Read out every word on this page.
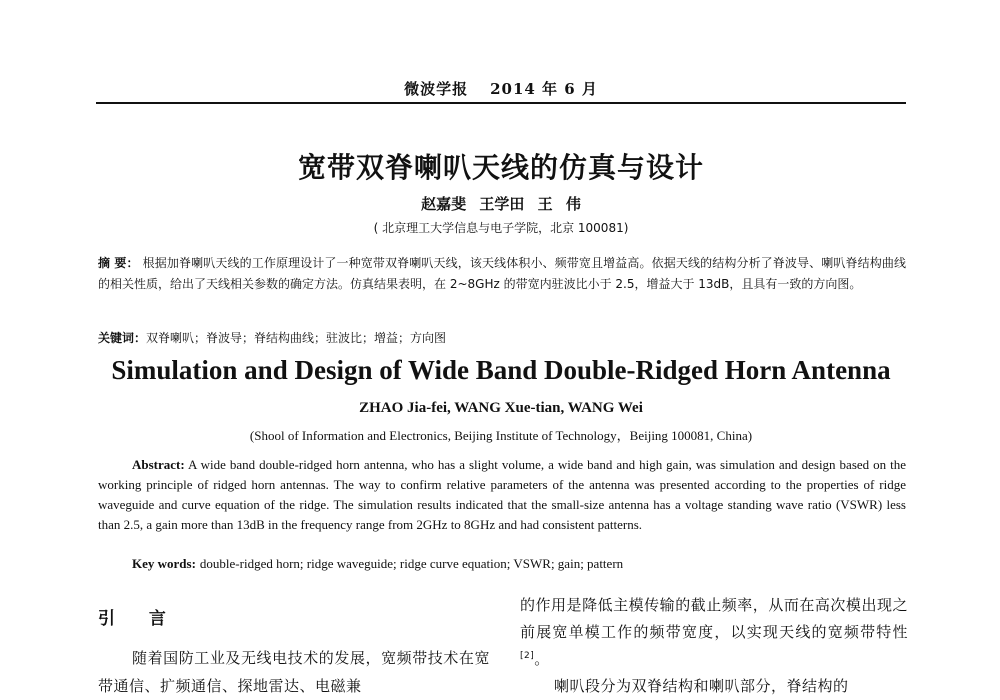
微波学报 2014 年 6 月
宽带双脊喇叭天线的仿真与设计
赵嘉斐 王学田 王 伟
( 北京理工大学信息与电子学院，北京 100081)
摘 要： 根据加脊喇叭天线的工作原理设计了一种宽带双脊喇叭天线，该天线体积小、频带宽且增益高。依据天线的结构分析了脊波导、喇叭脊结构曲线的相关性质，给出了天线相关参数的确定方法。仿真结果表明，在 2~8GHz 的带宽内驻波比小于 2.5，增益大于 13dB，且具有一致的方向图。
关键词：双脊喇叭；脊波导；脊结构曲线；驻波比；增益；方向图
Simulation and Design of Wide Band Double-Ridged Horn Antenna
ZHAO Jia-fei, WANG Xue-tian, WANG Wei
(Shool of Information and Electronics, Beijing Institute of Technology，Beijing 100081, China)
Abstract: A wide band double-ridged horn antenna, who has a slight volume, a wide band and high gain, was simulation and design based on the working principle of ridged horn antennas. The way to confirm relative parameters of the antenna was presented according to the properties of ridge waveguide and curve equation of the ridge. The simulation results indicated that the small-size antenna has a voltage standing wave ratio (VSWR) less than 2.5, a gain more than 13dB in the frequency range from 2GHz to 8GHz and had consistent patterns.
Key words: double-ridged horn; ridge waveguide; ridge curve equation; VSWR; gain; pattern
引 言
随着国防工业及无线电技术的发展，宽频带技术在宽带通信、扩频通信、探地雷达、电磁兼
的作用是降低主模传输的截止频率，从而在高次模出现之前展宽单模工作的频带宽度，以实现天线的宽频带特性[2]。
喇叭段分为双脊结构和喇叭部分，脊结构的
